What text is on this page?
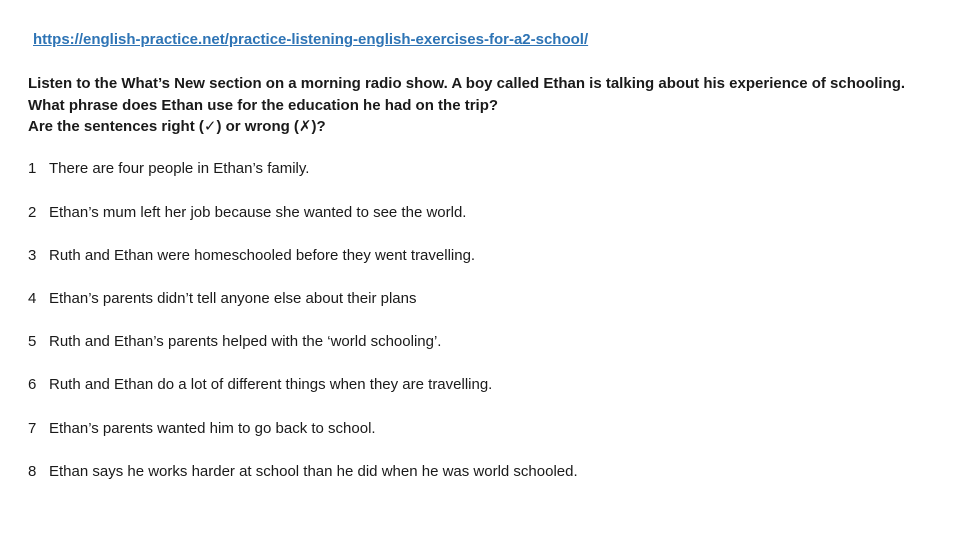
https://english-practice.net/practice-listening-english-exercises-for-a2-school/
Listen to the What’s New section on a morning radio show. A boy called Ethan is talking about his experience of schooling.
What phrase does Ethan use for the education he had on the trip?
Are the sentences right (✓) or wrong (✗)?
1 There are four people in Ethan’s family.
2 Ethan’s mum left her job because she wanted to see the world.
3 Ruth and Ethan were homeschooled before they went travelling.
4 Ethan’s parents didn’t tell anyone else about their plans
5 Ruth and Ethan’s parents helped with the ‘world schooling’.
6 Ruth and Ethan do a lot of different things when they are travelling.
7 Ethan’s parents wanted him to go back to school.
8 Ethan says he works harder at school than he did when he was world schooled.
